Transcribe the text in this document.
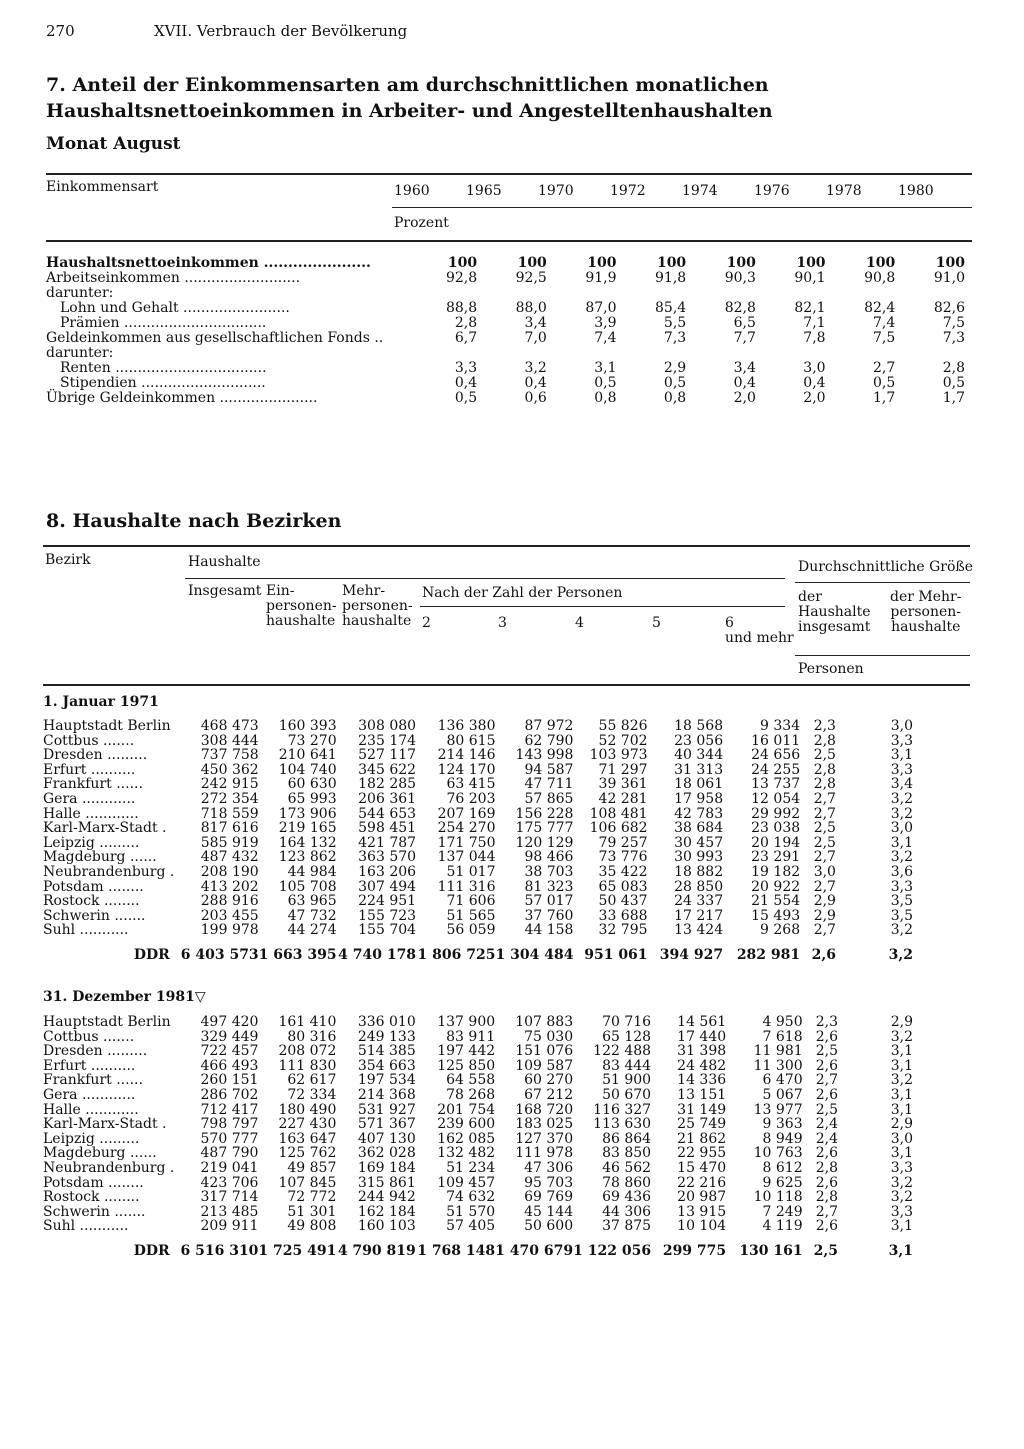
270	XVII. Verbrauch der Bevölkerung
7. Anteil der Einkommensarten am durchschnittlichen monatlichen Haushaltsnettoeinkommen in Arbeiter- und Angestelltenhaushalten
Monat August
Einkommensart	1960	1965	1970	1972	1974	1976	1978	1980
Prozent
Haushaltsnettoeinkommen ......................	100	100	100	100	100	100	100	100

Arbeitseinkommen ..........................	92,8	92,5	91,9	91,8	90,3	90,1	90,8	91,0
darunter:								
Lohn und Gehalt ........................	88,8	88,0	87,0	85,4	82,8	82,1	82,4	82,6
Prämien ................................	2,8	3,4	3,9	5,5	6,5	7,1	7,4	7,5

Geldeinkommen aus gesellschaftlichen Fonds ..	6,7	7,0	7,4	7,3	7,7	7,8	7,5	7,3
darunter:								
Renten ..................................	3,3	3,2	3,1	2,9	3,4	3,0	2,7	2,8
Stipendien ............................	0,4	0,4	0,5	0,5	0,4	0,4	0,5	0,5

Übrige Geldeinkommen ......................	0,5	0,6	0,8	0,8	2,0	2,0	1,7	1,7
8. Haushalte nach Bezirken
Bezirk	Haushalte
Insgesamt Ein-
personen-
haushalte
Mehr-
personen-
haushalte
Nach der Zahl der Personen
2	3	4	5	6
und mehr
Durchschnittliche Größe
der
Haushalte
insgesamt
der Mehr-
personen-
haushalte
Personen
1. Januar 1971
Hauptstadt Berlin	468 473	160 393	308 080	136 380	87 972	55 826	18 568	9 334	2,3	3,0
Cottbus .......	308 444	73 270	235 174	80 615	62 790	52 702	23 056	16 011	2,8	3,3
Dresden .........	737 758	210 641	527 117	214 146	143 998	103 973	40 344	24 656	2,5	3,1
Erfurt ..........	450 362	104 740	345 622	124 170	94 587	71 297	31 313	24 255	2,8	3,3
Frankfurt ......	242 915	60 630	182 285	63 415	47 711	39 361	18 061	13 737	2,8	3,4
Gera ............	272 354	65 993	206 361	76 203	57 865	42 281	17 958	12 054	2,7	3,2
Halle ............	718 559	173 906	544 653	207 169	156 228	108 481	42 783	29 992	2,7	3,2
Karl-Marx-Stadt .	817 616	219 165	598 451	254 270	175 777	106 682	38 684	23 038	2,5	3,0
Leipzig .........	585 919	164 132	421 787	171 750	120 129	79 257	30 457	20 194	2,5	3,1
Magdeburg ......	487 432	123 862	363 570	137 044	98 466	73 776	30 993	23 291	2,7	3,2
Neubrandenburg .	208 190	44 984	163 206	51 017	38 703	35 422	18 882	19 182	3,0	3,6
Potsdam ........	413 202	105 708	307 494	111 316	81 323	65 083	28 850	20 922	2,7	3,3
Rostock ........	288 916	63 965	224 951	71 606	57 017	50 437	24 337	21 554	2,9	3,5
Schwerin .......	203 455	47 732	155 723	51 565	37 760	33 688	17 217	15 493	2,9	3,5
Suhl ...........	199 978	44 274	155 704	56 059	44 158	32 795	13 424	9 268	2,7	3,2
DDR	6 403 573	1 663 395	4 740 178	1 806 725	1 304 484	951 061	394 927	282 981	2,6	3,2
31. Dezember 1981▽
Hauptstadt Berlin	497 420	161 410	336 010	137 900	107 883	70 716	14 561	4 950	2,3	2,9
Cottbus .......	329 449	80 316	249 133	83 911	75 030	65 128	17 440	7 618	2,6	3,2
Dresden .........	722 457	208 072	514 385	197 442	151 076	122 488	31 398	11 981	2,5	3,1
Erfurt ..........	466 493	111 830	354 663	125 850	109 587	83 444	24 482	11 300	2,6	3,1
Frankfurt ......	260 151	62 617	197 534	64 558	60 270	51 900	14 336	6 470	2,7	3,2
Gera ............	286 702	72 334	214 368	78 268	67 212	50 670	13 151	5 067	2,6	3,1
Halle ............	712 417	180 490	531 927	201 754	168 720	116 327	31 149	13 977	2,5	3,1
Karl-Marx-Stadt .	798 797	227 430	571 367	239 600	183 025	113 630	25 749	9 363	2,4	2,9
Leipzig .........	570 777	163 647	407 130	162 085	127 370	86 864	21 862	8 949	2,4	3,0
Magdeburg ......	487 790	125 762	362 028	132 482	111 978	83 850	22 955	10 763	2,6	3,1
Neubrandenburg .	219 041	49 857	169 184	51 234	47 306	46 562	15 470	8 612	2,8	3,3
Potsdam ........	423 706	107 845	315 861	109 457	95 703	78 860	22 216	9 625	2,6	3,2
Rostock ........	317 714	72 772	244 942	74 632	69 769	69 436	20 987	10 118	2,8	3,2
Schwerin .......	213 485	51 301	162 184	51 570	45 144	44 306	13 915	7 249	2,7	3,3
Suhl ...........	209 911	49 808	160 103	57 405	50 600	37 875	10 104	4 119	2,6	3,1
DDR	6 516 310	1 725 491	4 790 819	1 768 148	1 470 679	1 122 056	299 775	130 161	2,5	3,1
